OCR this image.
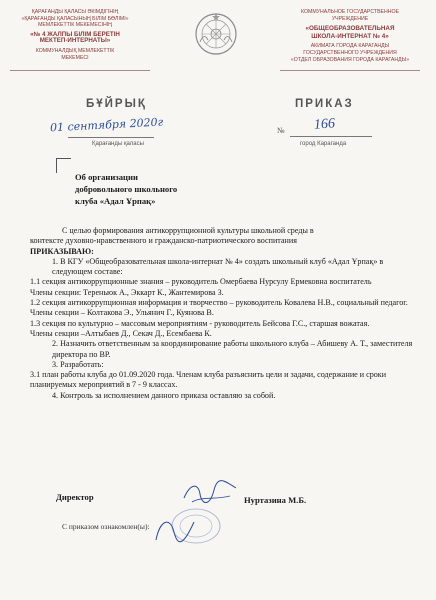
ҚАРАҒАНДЫ ҚАЛАСЫ ӘКІМДІГІНІҢ
«ҚАРАҒАНДЫ ҚАЛАСЫНЫҢ БІЛІМ БӨЛІМІ»
МЕМЛЕКЕТТІК МЕКЕМЕСІНІҢ
«№ 4 ЖАЛПЫ БІЛІМ БЕРЕТІН
МЕКТЕП-ИНТЕРНАТЫ»
КОММУНАЛДЫҚ МЕМЛЕКЕТТІК
МЕКЕМЕСІ
КОММУНАЛЬНОЕ ГОСУДАРСТВЕННОЕ
УЧРЕЖДЕНИЕ
«ОБЩЕОБРАЗОВАТЕЛЬНАЯ
ШКОЛА-ИНТЕРНАТ № 4»
АКИМАТА ГОРОДА КАРАГАНДЫ
ГОСУДАРСТВЕННОГО УЧРЕЖДЕНИЯ
«ОТДЕЛ ОБРАЗОВАНИЯ ГОРОДА КАРАГАНДЫ»
БҰЙРЫҚ	ПРИКАЗ
01 сентября 2020г	№ 166
Қарағанды қаласы	город Караганда
Об организации
добровольного школьного
клуба «Адал Ұрпақ»
С целью формирования антикоррупционной культуры школьной среды в
контексте духовно-нравственного и гражданско-патриотического воспитания
ПРИКАЗЫВАЮ:
1. В КГУ «Общеобразовательная школа-интернат № 4» создать школьный клуб «Адал Ұрпақ» в следующем составе:
1.1 секция антикоррупционные знания – руководитель Омербаева Нурсулу Ермековна воспитатель
Члены секции: Тереньюк А., Эккарт К., Жантемирова З.
1.2 секция антикоррупционная информация и творчество – руководитель Ковалева Н.В., социальный педагог.
Члены секции – Колтакова Э., Ульянич Г., Куянова В.
1.3 секция по культурно – массовым мероприятиям - руководитель Бейсова Г.С., старшая вожатая.
Члены секции –Алтыбаев Д., Секач Д., Есембаева К.
2. Назначить ответственным за координирование работы школьного клуба – Абишеву А. Т., заместителя директора по ВР.
3. Разработать:
3.1 план работы клуба до 01.09.2020 года. Членам клуба разъяснить цели и задачи, содержание и сроки планируемых мероприятий в 7 - 9 классах.
4. Контроль за исполнением данного приказа оставляю за собой.
Директор	Нуртазина М.Б.
С приказом ознакомлен(ы):
